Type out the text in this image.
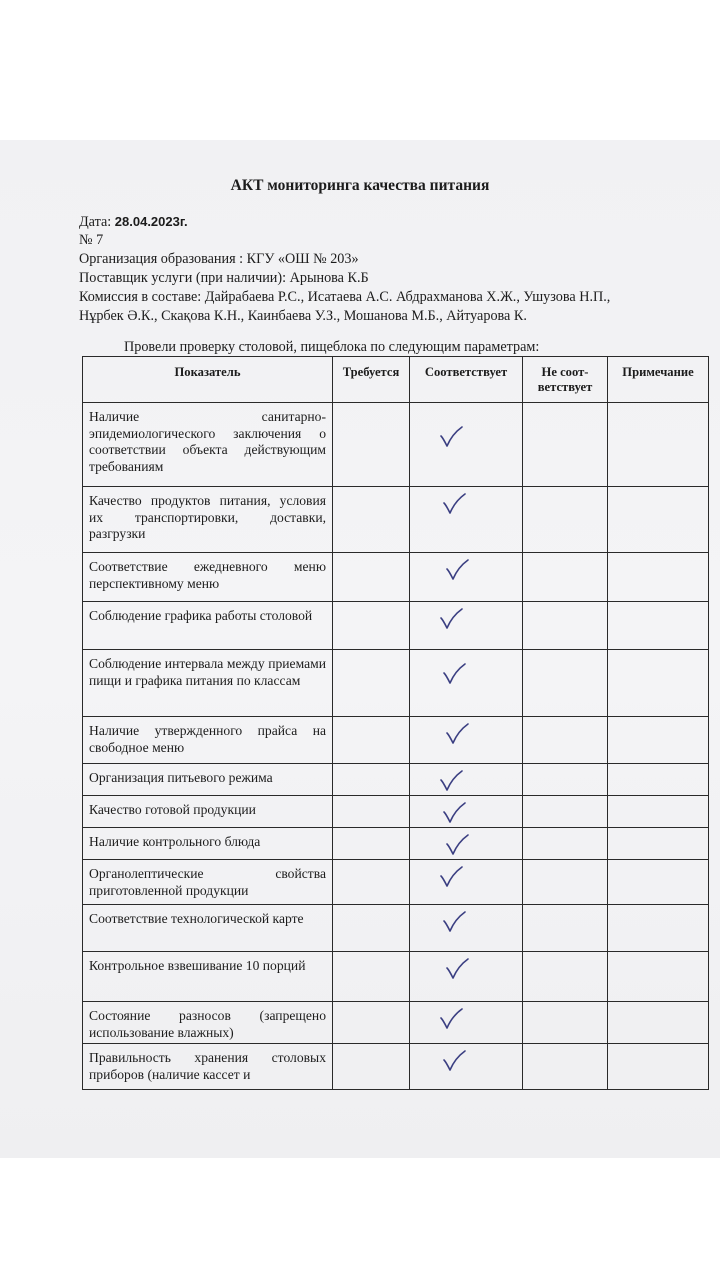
АКТ мониторинга качества питания
Дата: 28.04.2023г.
№ 7
Организация образования : КГУ «ОШ № 203»
Поставщик услуги (при наличии): Арынова К.Б
Комиссия в составе: Дайрабаева Р.С., Исатаева А.С. Абдрахманова Х.Ж., Ушузова Н.П.,
Нұрбек Ә.К., Скақова К.Н., Каинбаева У.З., Мошанова М.Б., Айтуарова К.
Провели проверку столовой, пищеблока по следующим параметрам:
Показатель	Требуется	Соответствует	Не соот-ветствует	Примечание
Наличие санитарно-эпидемиологического заключения о соответствии объекта действующим требованиям		

Качество продуктов питания, условия их транспортировки, доставки, разгрузки		

Соответствие ежедневного меню перспективному меню		

Соблюдение графика работы столовой		

Соблюдение интервала между приемами пищи и графика питания по классам		

Наличие утвержденного прайса на свободное меню		

Организация питьевого режима		

Качество готовой продукции		

Наличие контрольного блюда		

Органолептические свойства приготовленной продукции		

Соответствие технологической карте		

Контрольное взвешивание 10 порций		

Состояние разносов (запрещено использование влажных)		

Правильность хранения столовых приборов (наличие кассет и		
